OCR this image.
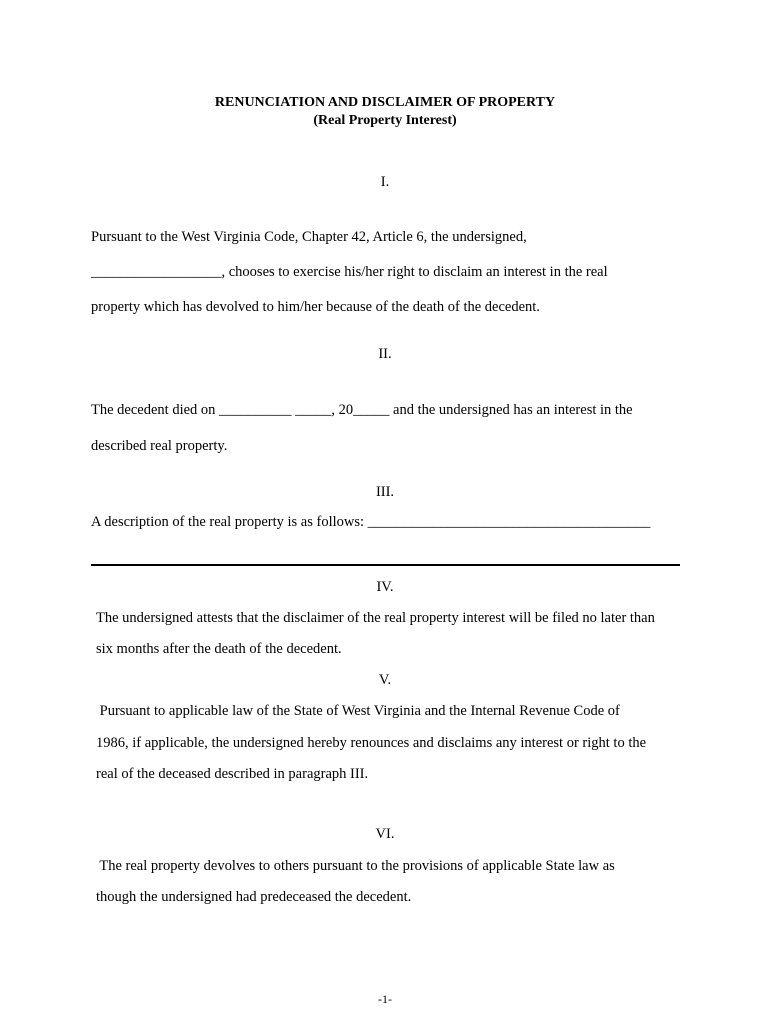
RENUNCIATION AND DISCLAIMER OF PROPERTY
(Real Property Interest)
I.
Pursuant to the West Virginia Code, Chapter 42, Article 6, the undersigned,
__________________, chooses to exercise his/her right to disclaim an interest in the real
property which has devolved to him/her because of the death of the decedent.
II.
The decedent died on __________ _____, 20_____ and the undersigned has an interest in the
described real property.
III.
A description of the real property is as follows: _______________________________________
IV.
The undersigned attests that the disclaimer of the real property interest will be filed no later than
six months after the death of the decedent.
V.
Pursuant to applicable law of the State of West Virginia and the Internal Revenue Code of
1986, if applicable, the undersigned hereby renounces and disclaims any interest or right to the
real of the deceased described in paragraph III.
VI.
The real property devolves to others pursuant to the provisions of applicable State law as
though the undersigned had predeceased the decedent.
-1-
